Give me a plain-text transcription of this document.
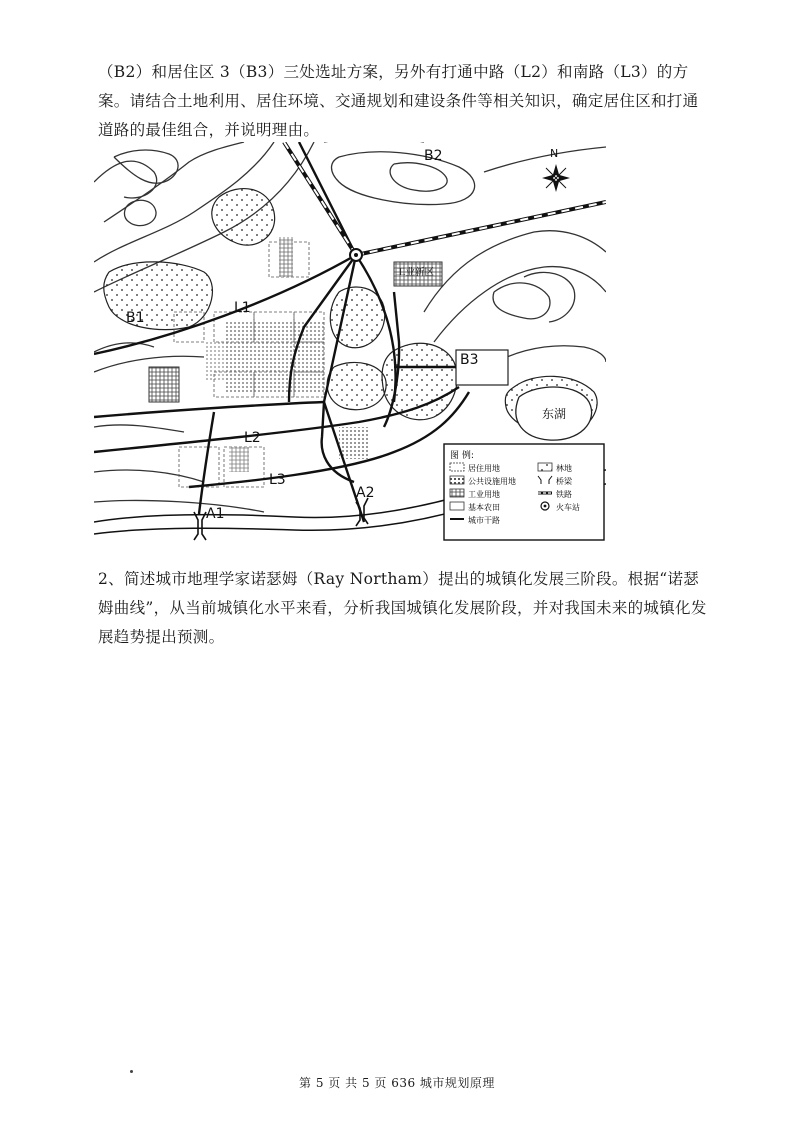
（B2）和居住区 3（B3）三处选址方案，另外有打通中路（L2）和南路（L3）的方案。请结合土地利用、居住环境、交通规划和建设条件等相关知识，确定居住区和打通道路的最佳组合，并说明理由。

B2
B1
B3
L1
L2
L3
A1
A2
N
工业新区
东湖
图 例:
居住用地	林地
公共设施用地	桥梁
工业用地	铁路
基本农田	火车站
城市干路

2、简述城市地理学家诺瑟姆（Ray Northam）提出的城镇化发展三阶段。根据“诺瑟姆曲线”，从当前城镇化水平来看，分析我国城镇化发展阶段，并对我国未来的城镇化发展趋势提出预测。

第 5 页 共 5 页 636 城市规划原理
